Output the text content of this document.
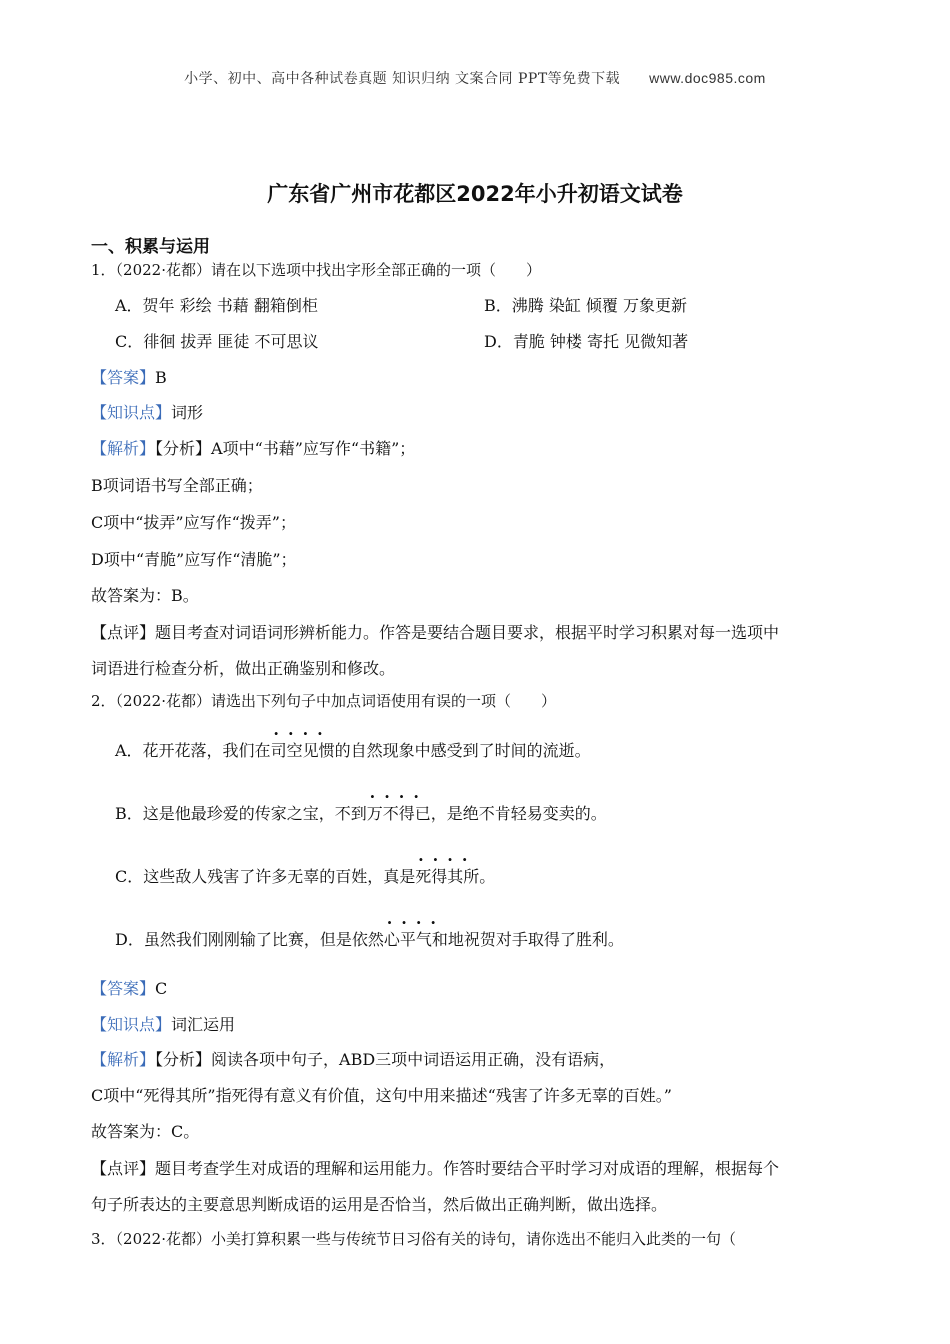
小学、初中、高中各种试卷真题 知识归纳 文案合同 PPT等免费下载 www.doc985.com
广东省广州市花都区2022年小升初语文试卷
一、积累与运用
1．（2022·花都）请在以下选项中找出字形全部正确的一项（　　）
A．贺年 彩绘 书藉 翻箱倒柜	B．沸腾 染缸 倾覆 万象更新
C．徘徊 拔弄 匪徒 不可思议	D．青脆 钟楼 寄托 见微知著
【答案】B
【知识点】词形
【解析】【分析】A项中“书藉”应写作“书籍”；
B项词语书写全部正确；
C项中“拔弄”应写作“拨弄”；
D项中“青脆”应写作“清脆”；
故答案为：B。
【点评】题目考查对词语词形辨析能力。作答是要结合题目要求，根据平时学习积累对每一选项中
词语进行检查分析，做出正确鉴别和修改。
2．（2022·花都）请选出下列句子中加点词语使用有误的一项（　　）
A．花开花落，我们在···· 司空见惯的自然现象中感受到了时间的流逝。
B．这是他最珍爱的传家之宝，不到···· 万不得已，是绝不肯轻易变卖的。
C．这些敌人残害了许多无辜的百姓，真是···· 死得其所。
D．虽然我们刚刚输了比赛，但是依然···· 心平气和地祝贺对手取得了胜利。
【答案】C
【知识点】词汇运用
【解析】【分析】阅读各项中句子，ABD三项中词语运用正确，没有语病，
C项中“死得其所”指死得有意义有价值，这句中用来描述“残害了许多无辜的百姓。”
故答案为：C。
【点评】题目考查学生对成语的理解和运用能力。作答时要结合平时学习对成语的理解，根据每个
句子所表达的主要意思判断成语的运用是否恰当，然后做出正确判断，做出选择。
3．（2022·花都）小美打算积累一些与传统节日习俗有关的诗句，请你选出不能归入此类的一句（
